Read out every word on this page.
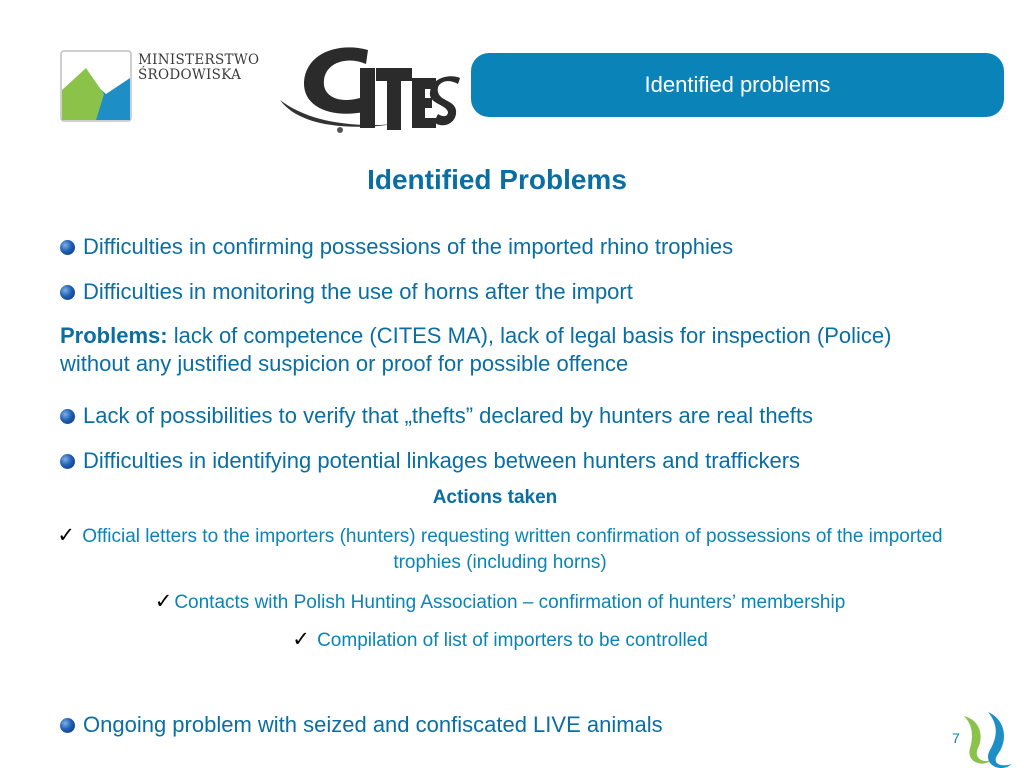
MINISTERSTWO
ŚRODOWISKA	Identified problems
Identified Problems
Difficulties in confirming possessions of the imported rhino trophies
Difficulties in monitoring the use of horns after the import
Problems: lack of competence (CITES MA), lack of legal basis for inspection (Police) without any justified suspicion or proof for possible offence
Lack of possibilities to verify that „thefts” declared by hunters are real thefts
Difficulties in identifying potential linkages between hunters and traffickers
Actions taken
✓ Official letters to the importers (hunters) requesting written confirmation of possessions of the imported trophies (including horns)
✓ Contacts with Polish Hunting Association – confirmation of hunters’ membership
✓ Compilation of list of importers to be controlled
Ongoing problem with seized and confiscated LIVE animals
7
